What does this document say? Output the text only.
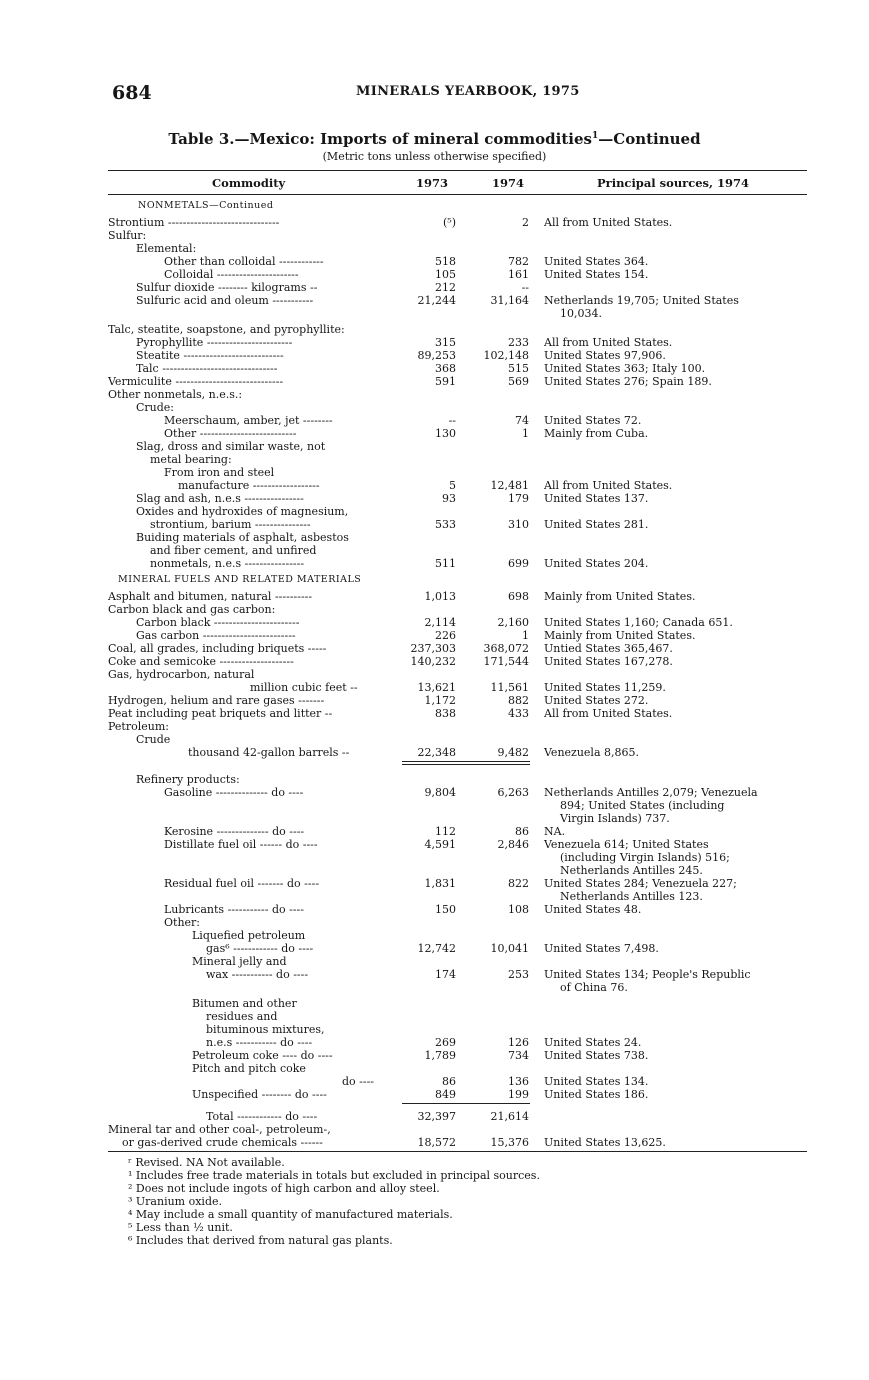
684	MINERALS YEARBOOK, 1975
Table 3.—Mexico: Imports of mineral commodities$^1$—Continued
(Metric tons unless otherwise specified)
Commodity	1973	1974	Principal sources, 1974
NONMETALS—Continued
Strontium ------------------------------	(⁵)	2 All from United States.
Sulfur:
Elemental:
Other than colloidal ------------	518	782 United States 364.
Colloidal ----------------------	105	161 United States 154.
Sulfur dioxide -------- kilograms --	212	--
Sulfuric acid and oleum -----------	21,244	31,164 Netherlands 19,705; United States
10,034.
Talc, steatite, soapstone, and pyrophyllite:
Pyrophyllite -----------------------	315	233 All from United States.
Steatite ---------------------------	89,253	102,148 United States 97,906.
Talc -------------------------------	368	515 United States 363; Italy 100.
Vermiculite -----------------------------	591	569 United States 276; Spain 189.
Other nonmetals, n.e.s.:
Crude:
Meerschaum, amber, jet --------	--	74 United States 72.
Other --------------------------	130	1 Mainly from Cuba.
Slag, dross and similar waste, not
metal bearing:
From iron and steel
manufacture ------------------	5	12,481 All from United States.
Slag and ash, n.e.s ----------------	93	179 United States 137.
Oxides and hydroxides of magnesium,
strontium, barium ---------------	533	310 United States 281.
Buiding materials of asphalt, asbestos
and fiber cement, and unfired
nonmetals, n.e.s ----------------	511	699 United States 204.
MINERAL FUELS AND RELATED MATERIALS
Asphalt and bitumen, natural ----------	1,013	698 Mainly from United States.
Carbon black and gas carbon:
Carbon black -----------------------	2,114	2,160 United States 1,160; Canada 651.
Gas carbon -------------------------	226	1 Mainly from United States.
Coal, all grades, including briquets -----	237,303	368,072 Untied States 365,467.
Coke and semicoke --------------------	140,232	171,544 United States 167,278.
Gas, hydrocarbon, natural
million cubic feet --	13,621	11,561 United States 11,259.
Hydrogen, helium and rare gases -------	1,172	882 United States 272.
Peat including peat briquets and litter --	838	433 All from United States.
Petroleum:
Crude
thousand 42-gallon barrels --	22,348	9,482 Venezuela 8,865.
Refinery products:
Gasoline -------------- do ----	9,804	6,263 Netherlands Antilles 2,079; Venezuela
894; United States (including
Virgin Islands) 737.
Kerosine -------------- do ----	112	86 NA.
Distillate fuel oil ------ do ----	4,591	2,846 Venezuela 614; United States
(including Virgin Islands) 516;
Netherlands Antilles 245.
Residual fuel oil ------- do ----	1,831	822 United States 284; Venezuela 227;
Netherlands Antilles 123.
Lubricants ----------- do ----	150	108 United States 48.
Other:
Liquefied petroleum
gas⁶ ------------ do ----	12,742	10,041 United States 7,498.
Mineral jelly and
wax ----------- do ----	174	253 United States 134; People's Republic
of China 76.
Bitumen and other
residues and
bituminous mixtures,
n.e.s ----------- do ----	269	126 United States 24.
Petroleum coke ---- do ----	1,789	734 United States 738.
Pitch and pitch coke
do ----	86	136 United States 134.
Unspecified -------- do ----	849	199 United States 186.
Total ------------ do ----	32,397	21,614
Mineral tar and other coal-, petroleum-,
or gas-derived crude chemicals ------	18,572	15,376 United States 13,625.
ʳ Revised. NA Not available.
¹ Includes free trade materials in totals but excluded in principal sources.
² Does not include ingots of high carbon and alloy steel.
³ Uranium oxide.
⁴ May include a small quantity of manufactured materials.
⁵ Less than ½ unit.
⁶ Includes that derived from natural gas plants.
